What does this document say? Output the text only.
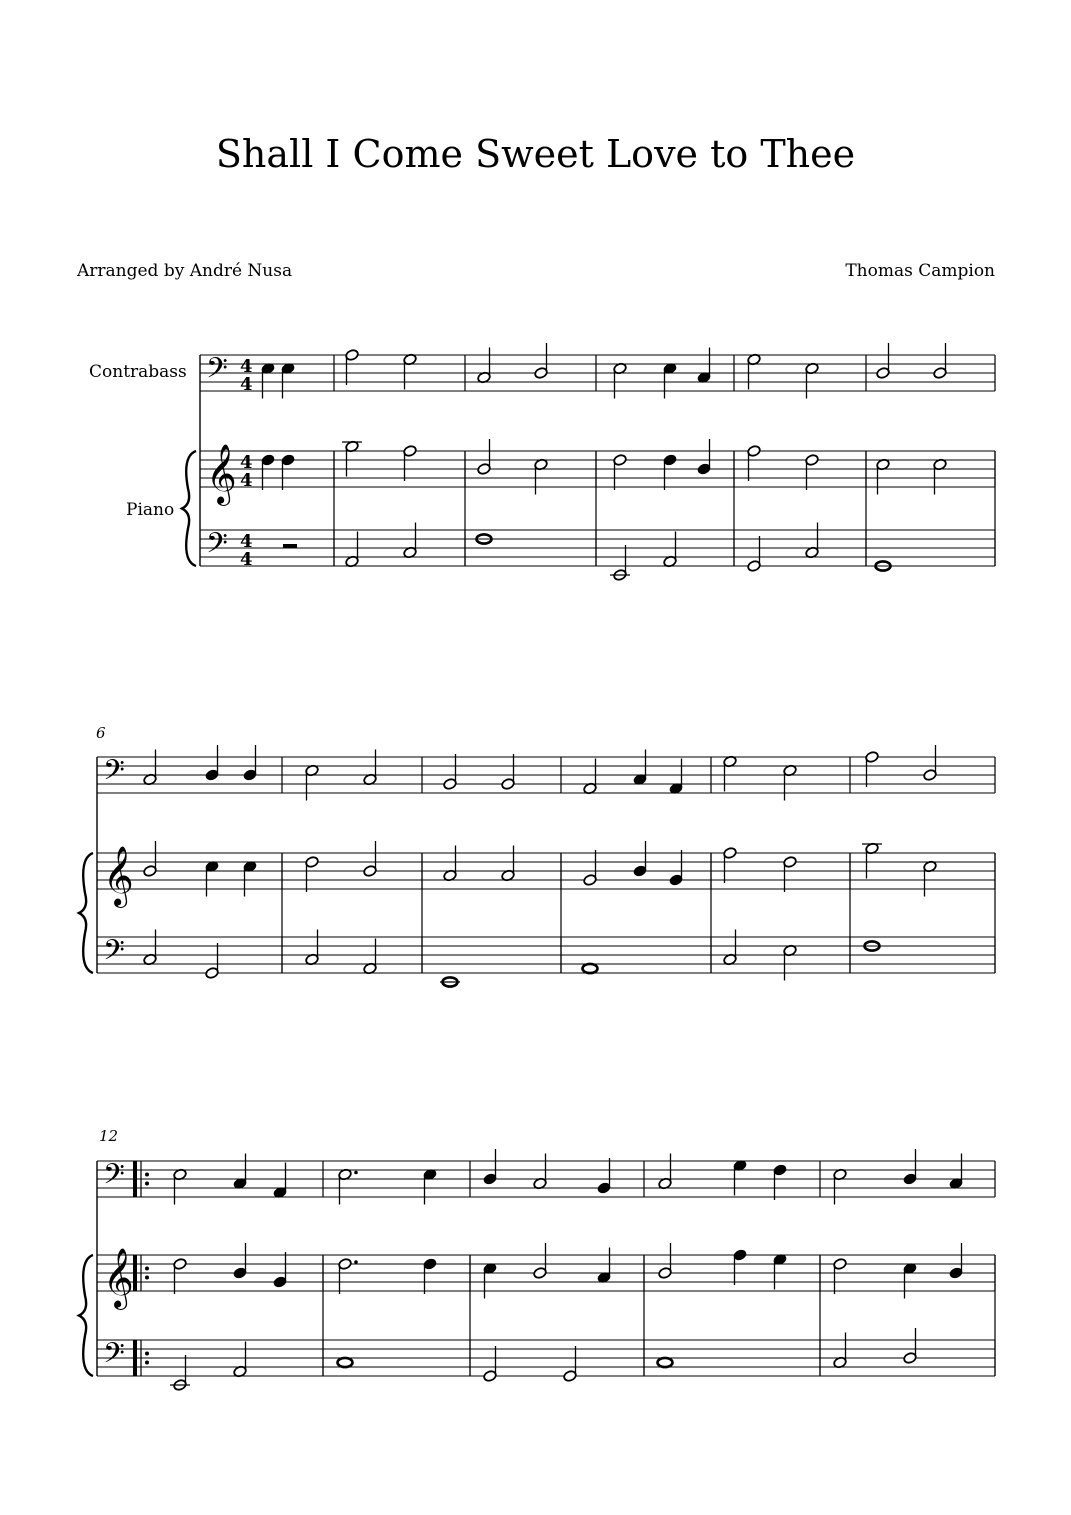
Shall I Come Sweet Love to Thee
Arranged by André Nusa	Thomas Campion
Contrabass
Piano
6
12
𝄢
𝄢
𝄞
4
4
4
4
4
4
𝄢
𝄢
𝄞
𝄢
𝄢
𝄞
